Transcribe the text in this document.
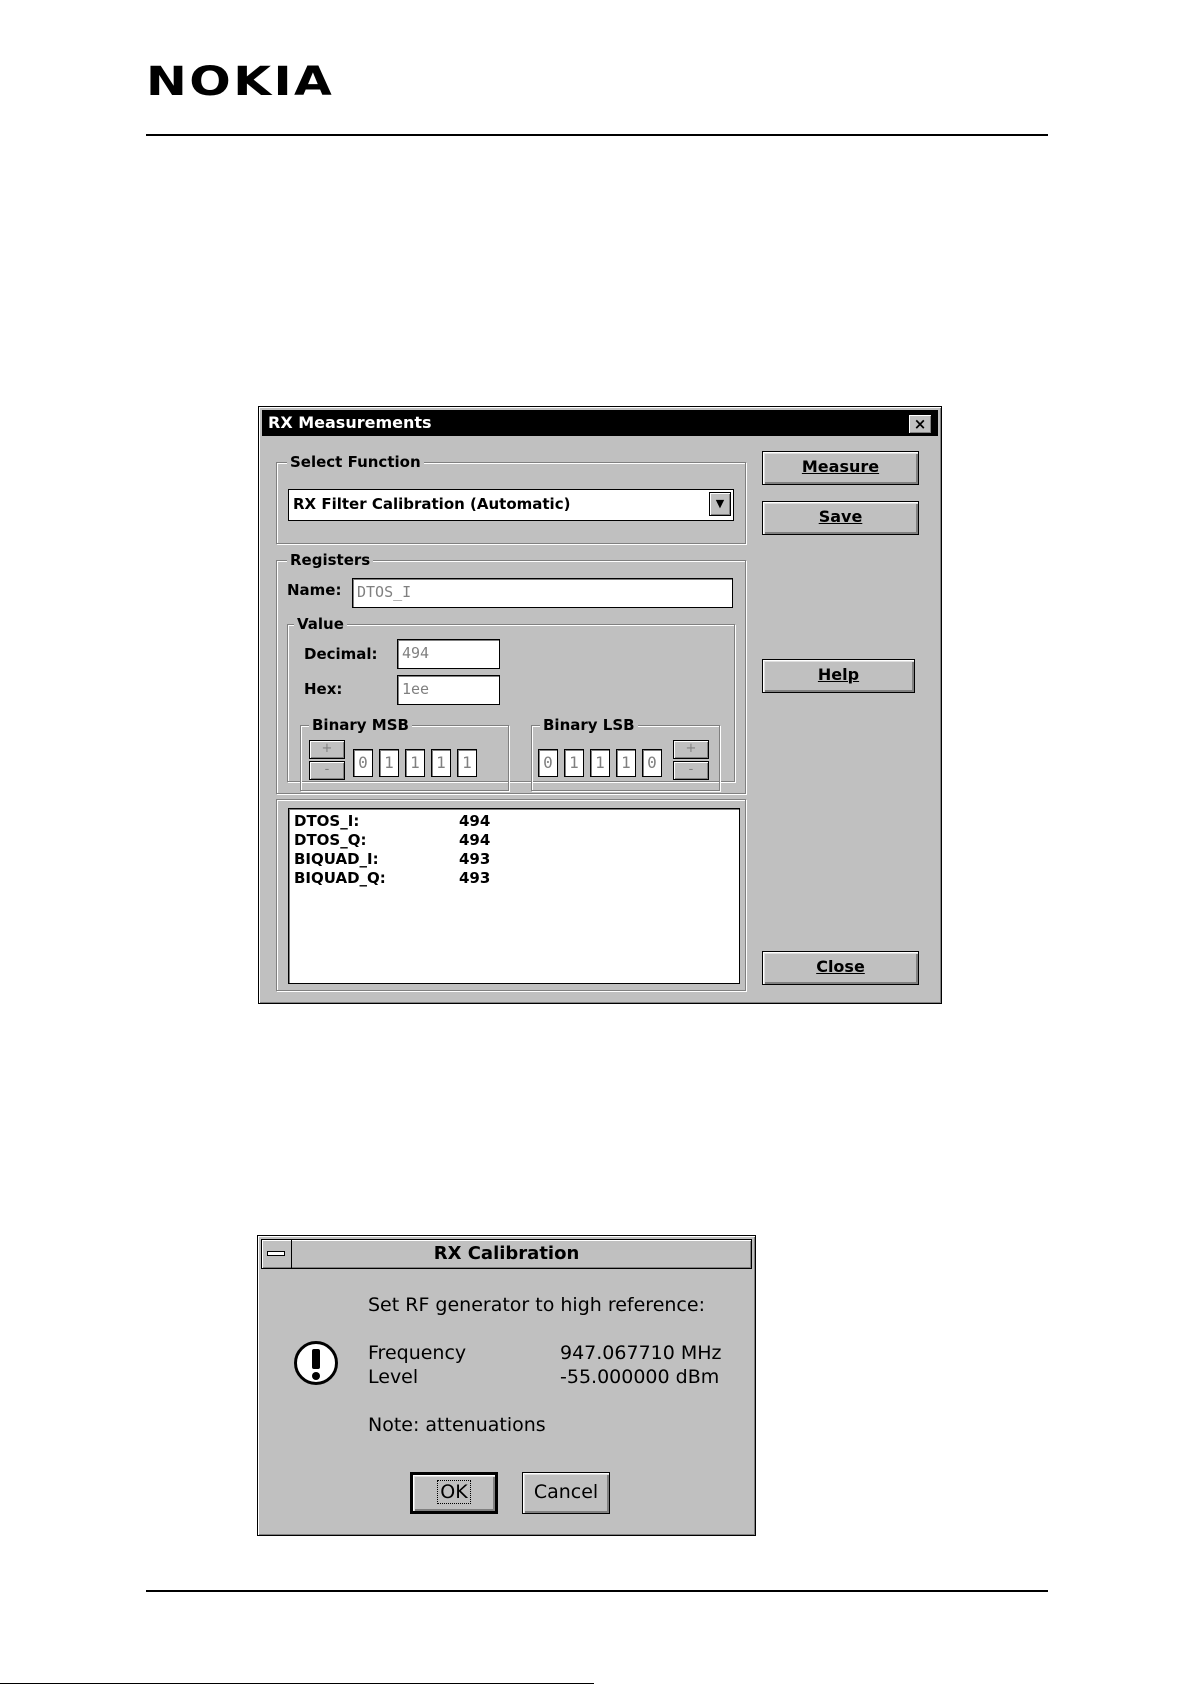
NOKIA
RX Measurements	×
Select Function
RX Filter Calibration (Automatic)	▼
Registers
Name:	DTOS_I
Value
Decimal:	494
Hex:	1ee
Binary MSB
+
-	0	1	1	1	1
Binary LSB
0	1	1	1	0
+
-
DTOS_I:	494
DTOS_Q:	494
BIQUAD_I:	493
BIQUAD_Q:	493
Measure
Save
Help
Close
RX Calibration
Set RF generator to high reference:
Frequency	947.067710 MHz
Level	-55.000000 dBm
Note: attenuations
OK	Cancel
